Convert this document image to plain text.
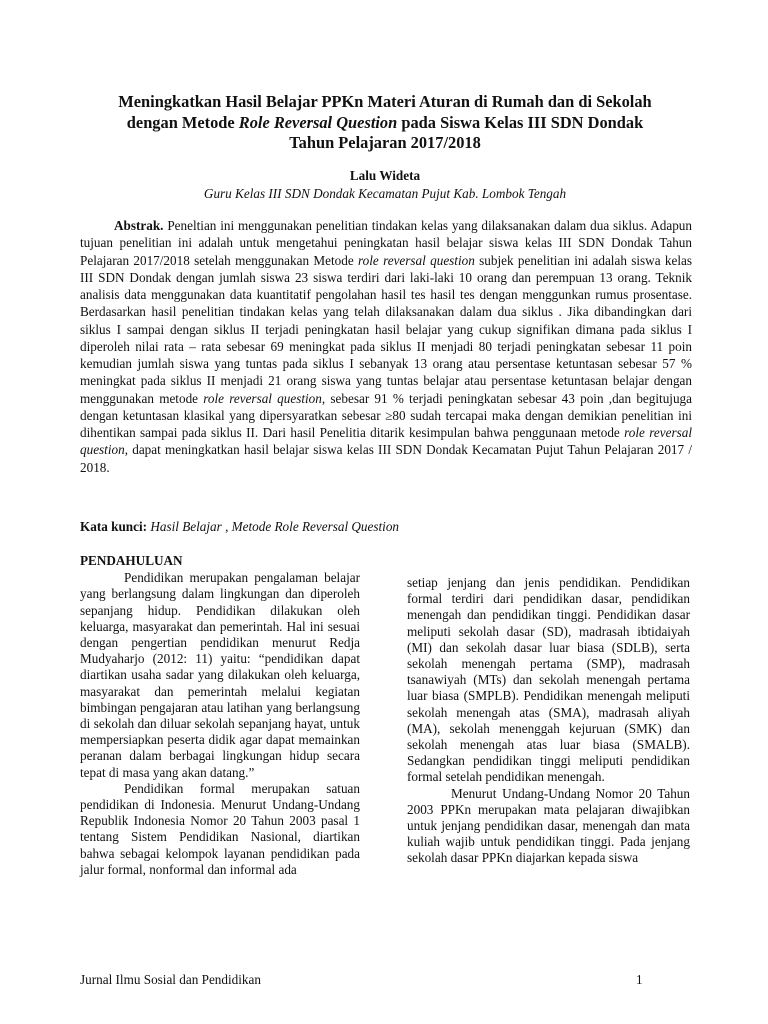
Meningkatkan Hasil Belajar PPKn Materi Aturan di Rumah dan di Sekolah
dengan Metode Role Reversal Question pada Siswa Kelas III SDN Dondak
Tahun Pelajaran 2017/2018
Lalu Wideta
Guru Kelas III SDN Dondak Kecamatan Pujut Kab. Lombok Tengah
Abstrak. Peneltian ini menggunakan penelitian tindakan kelas yang dilaksanakan dalam dua siklus. Adapun tujuan penelitian ini adalah untuk mengetahui peningkatan hasil belajar siswa kelas III SDN Dondak Tahun Pelajaran 2017/2018 setelah menggunakan Metode role reversal question subjek penelitian ini adalah siswa kelas III SDN Dondak dengan jumlah siswa 23 siswa terdiri dari laki-laki 10 orang dan perempuan 13 orang. Teknik analisis data menggunakan data kuantitatif pengolahan hasil tes hasil tes dengan menggunkan rumus prosentase. Berdasarkan hasil penelitian tindakan kelas yang telah dilaksanakan dalam dua siklus . Jika dibandingkan dari siklus I sampai dengan siklus II terjadi peningkatan hasil belajar yang cukup signifikan dimana pada siklus I diperoleh nilai rata – rata sebesar 69 meningkat pada siklus II menjadi 80 terjadi peningkatan sebesar 11 poin kemudian jumlah siswa yang tuntas pada siklus I sebanyak 13 orang atau persentase ketuntasan sebesar 57 % meningkat pada siklus II menjadi 21 orang siswa yang tuntas belajar atau persentase ketuntasan belajar dengan menggunakan metode role reversal question, sebesar 91 % terjadi peningkatan sebesar 43 poin ,dan begitujuga dengan ketuntasan klasikal yang dipersyaratkan sebesar ≥80 sudah tercapai maka dengan demikian penelitian ini dihentikan sampai pada siklus II. Dari hasil Penelitia ditarik kesimpulan bahwa penggunaan metode role reversal question, dapat meningkatkan hasil belajar siswa kelas III SDN Dondak Kecamatan Pujut Tahun Pelajaran 2017 / 2018.
Kata kunci: Hasil Belajar , Metode Role Reversal Question
PENDAHULUAN

Pendidikan merupakan pengalaman belajar yang berlangsung dalam lingkungan dan diperoleh sepanjang hidup. Pendidikan dilakukan oleh keluarga, masyarakat dan pemerintah. Hal ini sesuai dengan pengertian pendidikan menurut Redja Mudyaharjo (2012: 11) yaitu: “pendidikan dapat diartikan usaha sadar yang dilakukan oleh keluarga, masyarakat dan pemerintah melalui kegiatan bimbingan pengajaran atau latihan yang berlangsung di sekolah dan diluar sekolah sepanjang hayat, untuk mempersiapkan peserta didik agar dapat memainkan peranan dalam berbagai lingkungan hidup secara tepat di masa yang akan datang.”

Pendidikan formal merupakan satuan pendidikan di Indonesia. Menurut Undang-Undang Republik Indonesia Nomor 20 Tahun 2003 pasal 1 tentang Sistem Pendidikan Nasional, diartikan bahwa sebagai kelompok layanan pendidikan pada jalur formal, nonformal dan informal ada

setiap jenjang dan jenis pendidikan. Pendidikan formal terdiri dari pendidikan dasar, pendidikan menengah dan pendidikan tinggi. Pendidikan dasar meliputi sekolah dasar (SD), madrasah ibtidaiyah (MI) dan sekolah dasar luar biasa (SDLB), serta sekolah menengah pertama (SMP), madrasah tsanawiyah (MTs) dan sekolah menengah pertama luar biasa (SMPLB). Pendidikan menengah meliputi sekolah menengah atas (SMA), madrasah aliyah (MA), sekolah menenggah kejuruan (SMK) dan sekolah menengah atas luar biasa (SMALB). Sedangkan pendidikan tinggi meliputi pendidikan formal setelah pendidikan menengah.

Menurut Undang-Undang Nomor 20 Tahun 2003 PPKn merupakan mata pelajaran diwajibkan untuk jenjang pendidikan dasar, menengah dan mata kuliah wajib untuk pendidikan tinggi. Pada jenjang sekolah dasar PPKn diajarkan kepada siswa

Jurnal Ilmu Sosial dan Pendidikan	1
